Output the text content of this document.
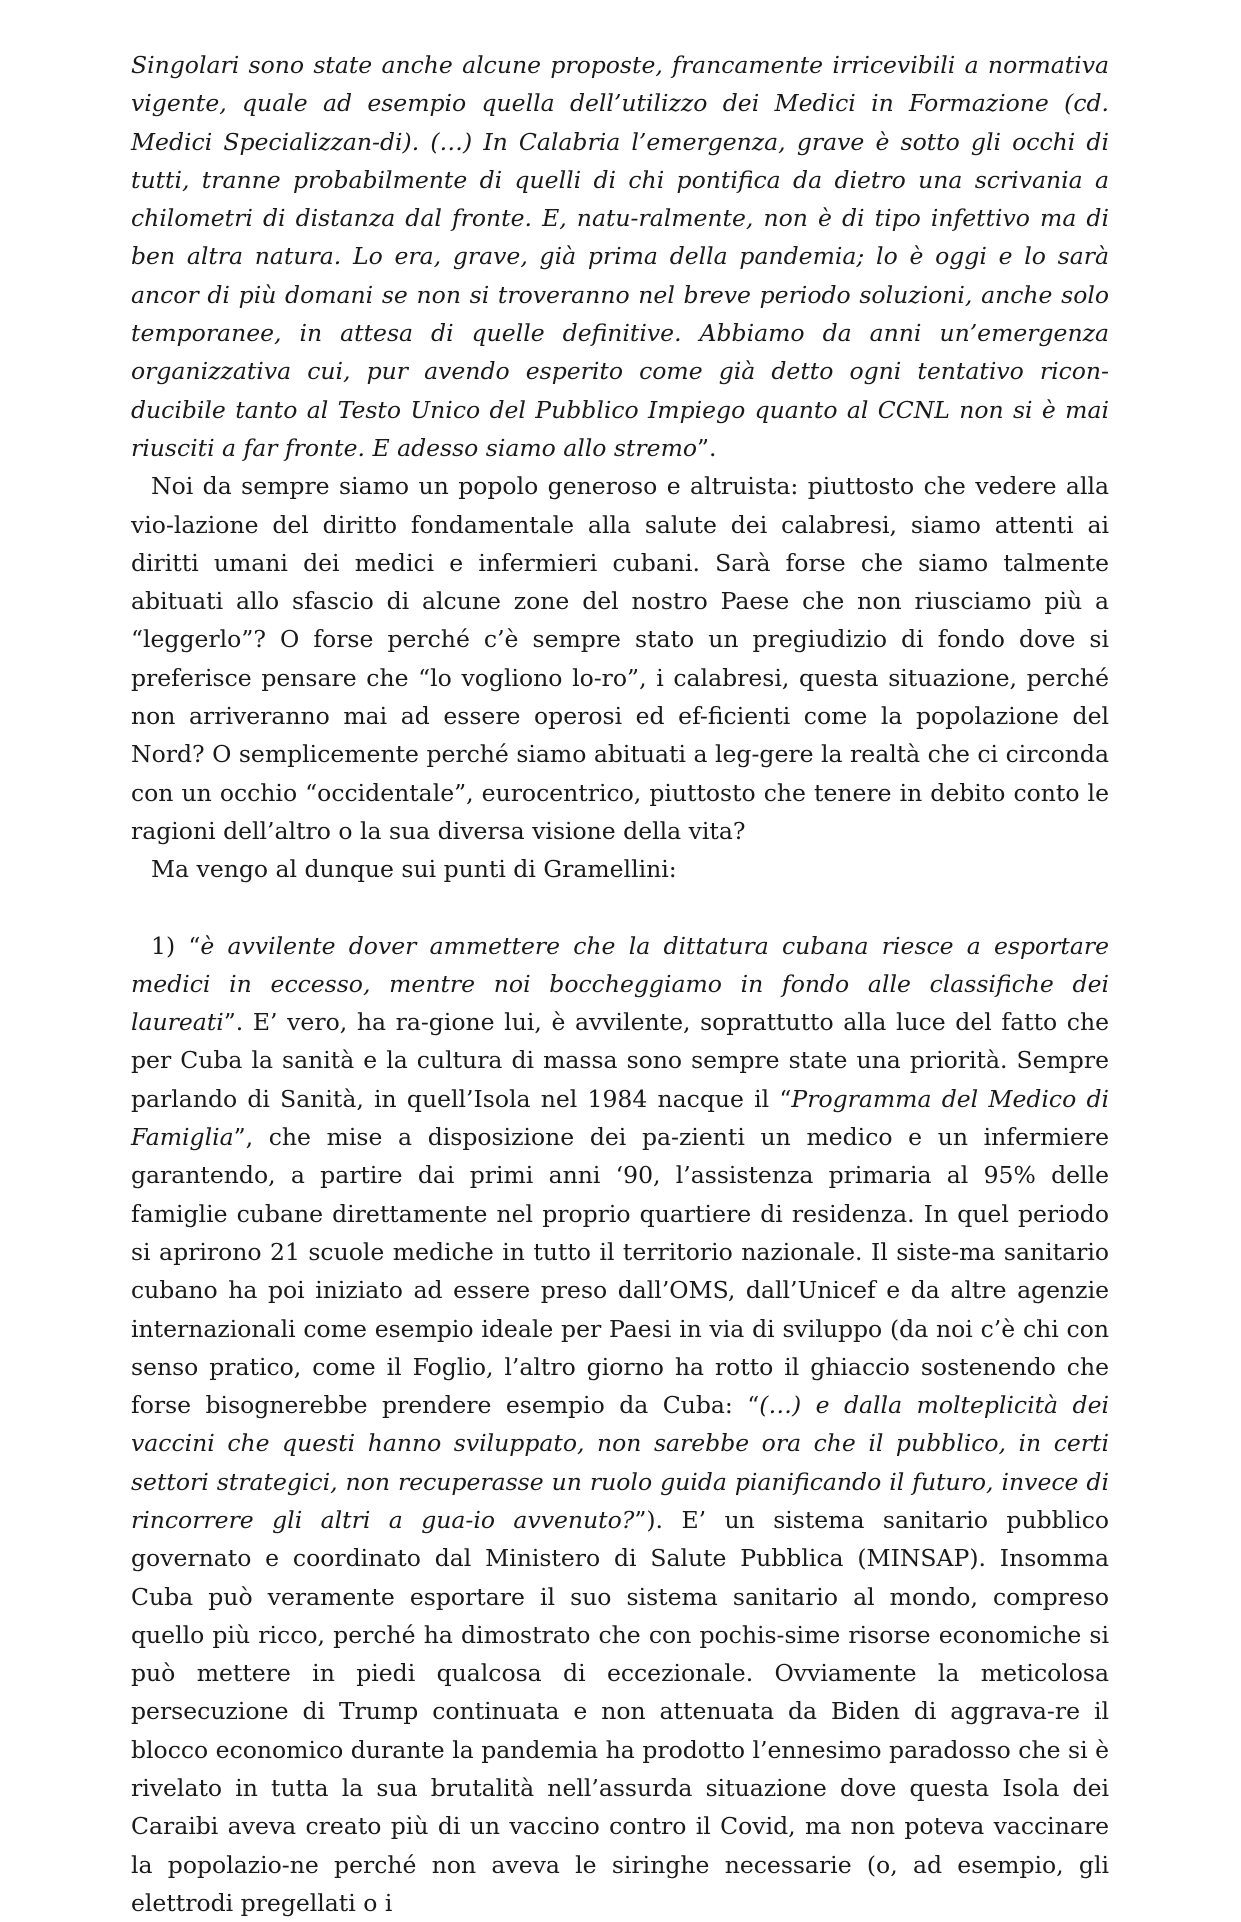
Singolari sono state anche alcune proposte, francamente irricevibili a normativa vigente, quale ad esempio quella dell’utilizzo dei Medici in Formazione (cd. Medici Specializzan-di). (…) In Calabria l’emergenza, grave è sotto gli occhi di tutti, tranne probabilmente di quelli di chi pontifica da dietro una scrivania a chilometri di distanza dal fronte. E, natu-ralmente, non è di tipo infettivo ma di ben altra natura. Lo era, grave, già prima della pandemia; lo è oggi e lo sarà ancor di più domani se non si troveranno nel breve periodo soluzioni, anche solo temporanee, in attesa di quelle definitive. Abbiamo da anni un’emergenza organizzativa cui, pur avendo esperito come già detto ogni tentativo ricon-ducibile tanto al Testo Unico del Pubblico Impiego quanto al CCNL non si è mai riusciti a far fronte. E adesso siamo allo stremo”.

Noi da sempre siamo un popolo generoso e altruista: piuttosto che vedere alla vio-lazione del diritto fondamentale alla salute dei calabresi, siamo attenti ai diritti umani dei medici e infermieri cubani. Sarà forse che siamo talmente abituati allo sfascio di alcune zone del nostro Paese che non riusciamo più a “leggerlo”? O forse perché c’è sempre stato un pregiudizio di fondo dove si preferisce pensare che “lo vogliono lo-ro”, i calabresi, questa situazione, perché non arriveranno mai ad essere operosi ed ef-ficienti come la popolazione del Nord? O semplicemente perché siamo abituati a leg-gere la realtà che ci circonda con un occhio “occidentale”, eurocentrico, piuttosto che tenere in debito conto le ragioni dell’altro o la sua diversa visione della vita?

Ma vengo al dunque sui punti di Gramellini:

1) “è avvilente dover ammettere che la dittatura cubana riesce a esportare medici in eccesso, mentre noi boccheggiamo in fondo alle classifiche dei laureati”. E’ vero, ha ra-gione lui, è avvilente, soprattutto alla luce del fatto che per Cuba la sanità e la cultura di massa sono sempre state una priorità. Sempre parlando di Sanità, in quell’Isola nel 1984 nacque il “Programma del Medico di Famiglia”, che mise a disposizione dei pa-zienti un medico e un infermiere garantendo, a partire dai primi anni ‘90, l’assistenza primaria al 95% delle famiglie cubane direttamente nel proprio quartiere di residenza. In quel periodo si aprirono 21 scuole mediche in tutto il territorio nazionale. Il siste-ma sanitario cubano ha poi iniziato ad essere preso dall’OMS, dall’Unicef e da altre agenzie internazionali come esempio ideale per Paesi in via di sviluppo (da noi c’è chi con senso pratico, come il Foglio, l’altro giorno ha rotto il ghiaccio sostenendo che forse bisognerebbe prendere esempio da Cuba: “(…) e dalla molteplicità dei vaccini che questi hanno sviluppato, non sarebbe ora che il pubblico, in certi settori strategici, non recuperasse un ruolo guida pianificando il futuro, invece di rincorrere gli altri a gua-io avvenuto?”). E’ un sistema sanitario pubblico governato e coordinato dal Ministero di Salute Pubblica (MINSAP). Insomma Cuba può veramente esportare il suo sistema sanitario al mondo, compreso quello più ricco, perché ha dimostrato che con pochis-sime risorse economiche si può mettere in piedi qualcosa di eccezionale. Ovviamente la meticolosa persecuzione di Trump continuata e non attenuata da Biden di aggrava-re il blocco economico durante la pandemia ha prodotto l’ennesimo paradosso che si è rivelato in tutta la sua brutalità nell’assurda situazione dove questa Isola dei Caraibi aveva creato più di un vaccino contro il Covid, ma non poteva vaccinare la popolazio-ne perché non aveva le siringhe necessarie (o, ad esempio, gli elettrodi pregellati o i
